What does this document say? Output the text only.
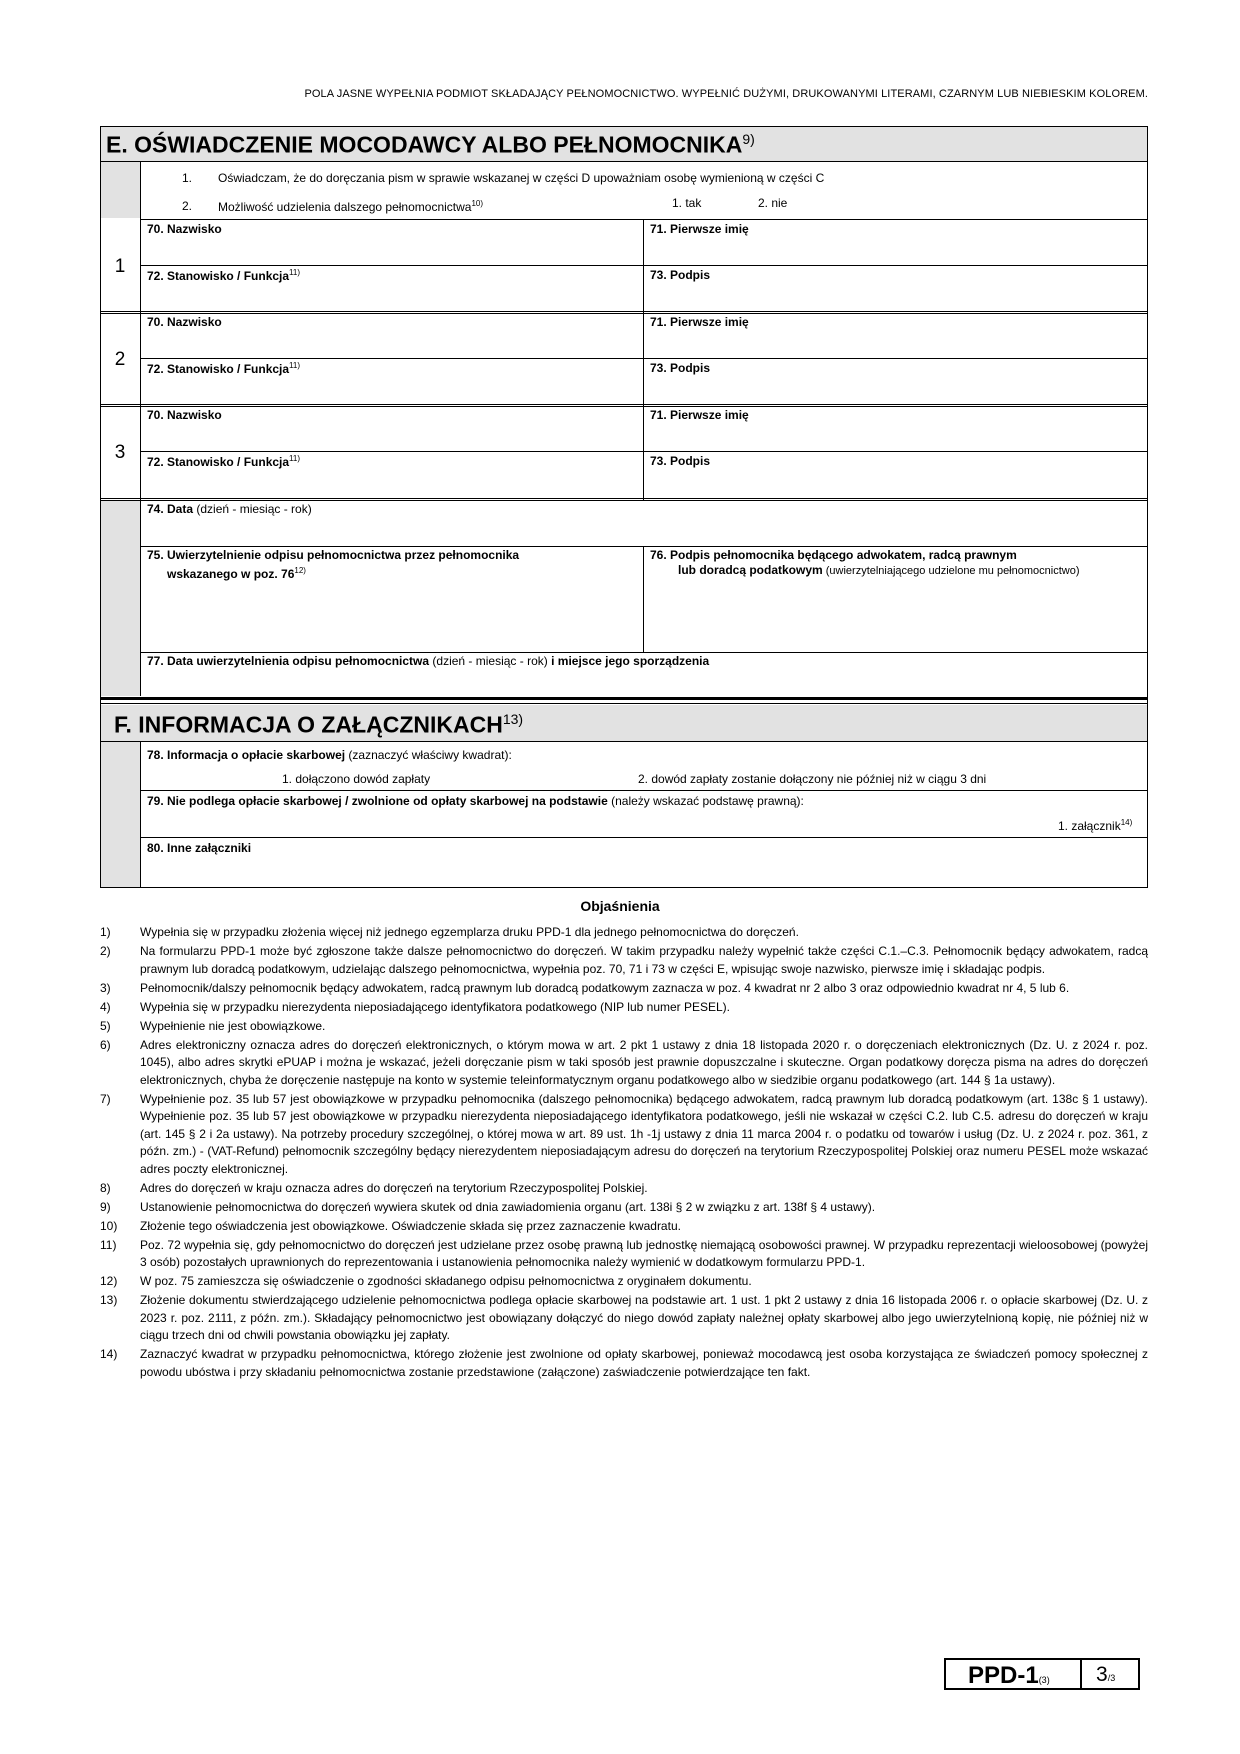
POLA JASNE WYPEŁNIA PODMIOT SKŁADAJĄCY PEŁNOMOCNICTWO. WYPEŁNIĆ DUŻYMI, DRUKOWANYMI LITERAMI, CZARNYM LUB NIEBIESKIM KOLOREM.
E. OŚWIADCZENIE MOCODAWCY ALBO PEŁNOMOCNIKA$^{9)}$
1. Oświadczam, że do doręczania pism w sprawie wskazanej w części D upoważniam osobę wymienioną w części C
2. Możliwość udzielenia dalszego pełnomocnictwa$^{10)}$	1. tak	2. nie
1
70. Nazwisko	71. Pierwsze imię
72. Stanowisko / Funkcja$^{11)}$	73. Podpis
2
70. Nazwisko	71. Pierwsze imię
72. Stanowisko / Funkcja$^{11)}$	73. Podpis
3
70. Nazwisko	71. Pierwsze imię
72. Stanowisko / Funkcja$^{11)}$	73. Podpis
74. Data (dzień - miesiąc - rok)
75. Uwierzytelnienie odpisu pełnomocnictwa przez pełnomocnika
wskazanego w poz. 76$^{12)}$
76. Podpis pełnomocnika będącego adwokatem, radcą prawnym
lub doradcą podatkowym (uwierzytelniającego udzielone mu pełnomocnictwo)
77. Data uwierzytelnienia odpisu pełnomocnictwa (dzień - miesiąc - rok) i miejsce jego sporządzenia
F. INFORMACJA O ZAŁĄCZNIKACH$^{13)}$
78. Informacja o opłacie skarbowej (zaznaczyć właściwy kwadrat):
1. dołączono dowód zapłaty	2. dowód zapłaty zostanie dołączony nie później niż w ciągu 3 dni
79. Nie podlega opłacie skarbowej / zwolnione od opłaty skarbowej na podstawie (należy wskazać podstawę prawną):
1. załącznik$^{14)}$
80. Inne załączniki
Objaśnienia
1)	Wypełnia się w przypadku złożenia więcej niż jednego egzemplarza druku PPD-1 dla jednego pełnomocnictwa do doręczeń.
2)	Na formularzu PPD-1 może być zgłoszone także dalsze pełnomocnictwo do doręczeń. W takim przypadku należy wypełnić także części C.1.–C.3. Pełnomocnik będący adwokatem, radcą prawnym lub doradcą podatkowym, udzielając dalszego pełnomocnictwa, wypełnia poz. 70, 71 i 73 w części E, wpisując swoje nazwisko, pierwsze imię i składając podpis.
3)	Pełnomocnik/dalszy pełnomocnik będący adwokatem, radcą prawnym lub doradcą podatkowym zaznacza w poz. 4 kwadrat nr 2 albo 3 oraz odpowiednio kwadrat nr 4, 5 lub 6.
4)	Wypełnia się w przypadku nierezydenta nieposiadającego identyfikatora podatkowego (NIP lub numer PESEL).
5)	Wypełnienie nie jest obowiązkowe.
6)	Adres elektroniczny oznacza adres do doręczeń elektronicznych, o którym mowa w art. 2 pkt 1 ustawy z dnia 18 listopada 2020 r. o doręczeniach elektronicznych (Dz. U. z 2024 r. poz. 1045), albo adres skrytki ePUAP i można je wskazać, jeżeli doręczanie pism w taki sposób jest prawnie dopuszczalne i skuteczne. Organ podatkowy doręcza pisma na adres do doręczeń elektronicznych, chyba że doręczenie następuje na konto w systemie teleinformatycznym organu podatkowego albo w siedzibie organu podatkowego (art. 144 § 1a ustawy).
7)	Wypełnienie poz. 35 lub 57 jest obowiązkowe w przypadku pełnomocnika (dalszego pełnomocnika) będącego adwokatem, radcą prawnym lub doradcą podatkowym (art. 138c § 1 ustawy). Wypełnienie poz. 35 lub 57 jest obowiązkowe w przypadku nierezydenta nieposiadającego identyfikatora podatkowego, jeśli nie wskazał w części C.2. lub C.5. adresu do doręczeń w kraju (art. 145 § 2 i 2a ustawy). Na potrzeby procedury szczególnej, o której mowa w art. 89 ust. 1h -1j ustawy z dnia 11 marca 2004 r. o podatku od towarów i usług (Dz. U. z 2024 r. poz. 361, z późn. zm.) - (VAT-Refund) pełnomocnik szczególny będący nierezydentem nieposiadającym adresu do doręczeń na terytorium Rzeczypospolitej Polskiej oraz numeru PESEL może wskazać adres poczty elektronicznej.
8)	Adres do doręczeń w kraju oznacza adres do doręczeń na terytorium Rzeczypospolitej Polskiej.
9)	Ustanowienie pełnomocnictwa do doręczeń wywiera skutek od dnia zawiadomienia organu (art. 138i § 2 w związku z art. 138f § 4 ustawy).
10)	Złożenie tego oświadczenia jest obowiązkowe. Oświadczenie składa się przez zaznaczenie kwadratu.
11)	Poz. 72 wypełnia się, gdy pełnomocnictwo do doręczeń jest udzielane przez osobę prawną lub jednostkę niemającą osobowości prawnej. W przypadku reprezentacji wieloosobowej (powyżej 3 osób) pozostałych uprawnionych do reprezentowania i ustanowienia pełnomocnika należy wymienić w dodatkowym formularzu PPD-1.
12)	W poz. 75 zamieszcza się oświadczenie o zgodności składanego odpisu pełnomocnictwa z oryginałem dokumentu.
13)	Złożenie dokumentu stwierdzającego udzielenie pełnomocnictwa podlega opłacie skarbowej na podstawie art. 1 ust. 1 pkt 2 ustawy z dnia 16 listopada 2006 r. o opłacie skarbowej (Dz. U. z 2023 r. poz. 2111, z późn. zm.). Składający pełnomocnictwo jest obowiązany dołączyć do niego dowód zapłaty należnej opłaty skarbowej albo jego uwierzytelnioną kopię, nie później niż w ciągu trzech dni od chwili powstania obowiązku jej zapłaty.
14)	Zaznaczyć kwadrat w przypadku pełnomocnictwa, którego złożenie jest zwolnione od opłaty skarbowej, ponieważ mocodawcą jest osoba korzystająca ze świadczeń pomocy społecznej z powodu ubóstwa i przy składaniu pełnomocnictwa zostanie przedstawione (załączone) zaświadczenie potwierdzające ten fakt.
PPD-1(3) 3/3
